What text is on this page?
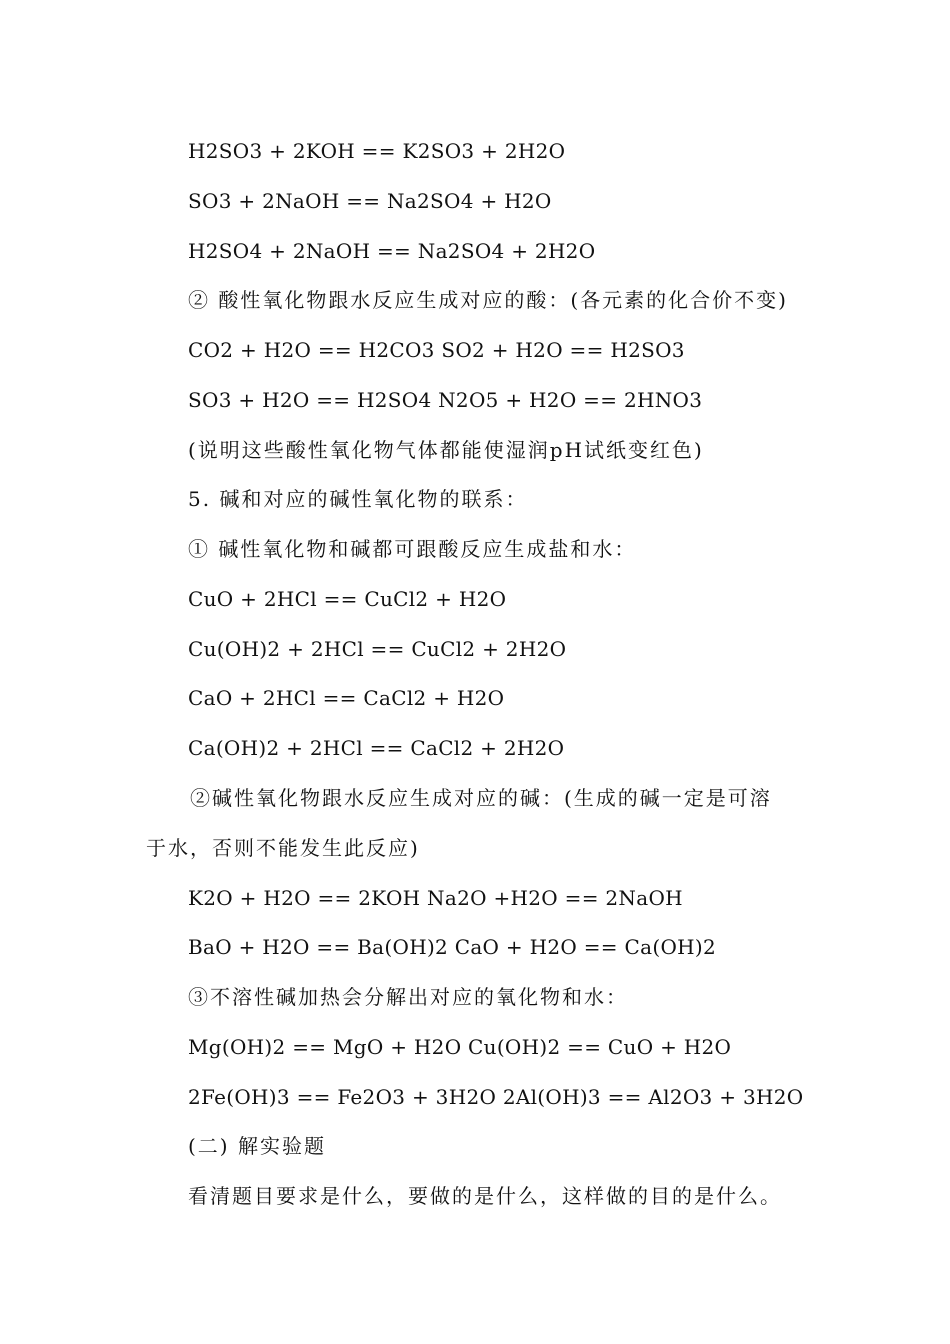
H2SO3 + 2KOH == K2SO3 + 2H2O
SO3 + 2NaOH == Na2SO4 + H2O
H2SO4 + 2NaOH == Na2SO4 + 2H2O
② 酸性氧化物跟水反应生成对应的酸：(各元素的化合价不变)
CO2 + H2O == H2CO3 SO2 + H2O == H2SO3
SO3 + H2O == H2SO4 N2O5 + H2O == 2HNO3
(说明这些酸性氧化物气体都能使湿润pH试纸变红色)
5. 碱和对应的碱性氧化物的联系：
① 碱性氧化物和碱都可跟酸反应生成盐和水：
CuO + 2HCl == CuCl2 + H2O
Cu(OH)2 + 2HCl == CuCl2 + 2H2O
CaO + 2HCl == CaCl2 + H2O
Ca(OH)2 + 2HCl == CaCl2 + 2H2O
②碱性氧化物跟水反应生成对应的碱：(生成的碱一定是可溶
于水，否则不能发生此反应)
K2O + H2O == 2KOH Na2O +H2O == 2NaOH
BaO + H2O == Ba(OH)2 CaO + H2O == Ca(OH)2
③不溶性碱加热会分解出对应的氧化物和水：
Mg(OH)2 == MgO + H2O Cu(OH)2 == CuO + H2O
2Fe(OH)3 == Fe2O3 + 3H2O 2Al(OH)3 == Al2O3 + 3H2O
(二) 解实验题
看清题目要求是什么，要做的是什么，这样做的目的是什么。
